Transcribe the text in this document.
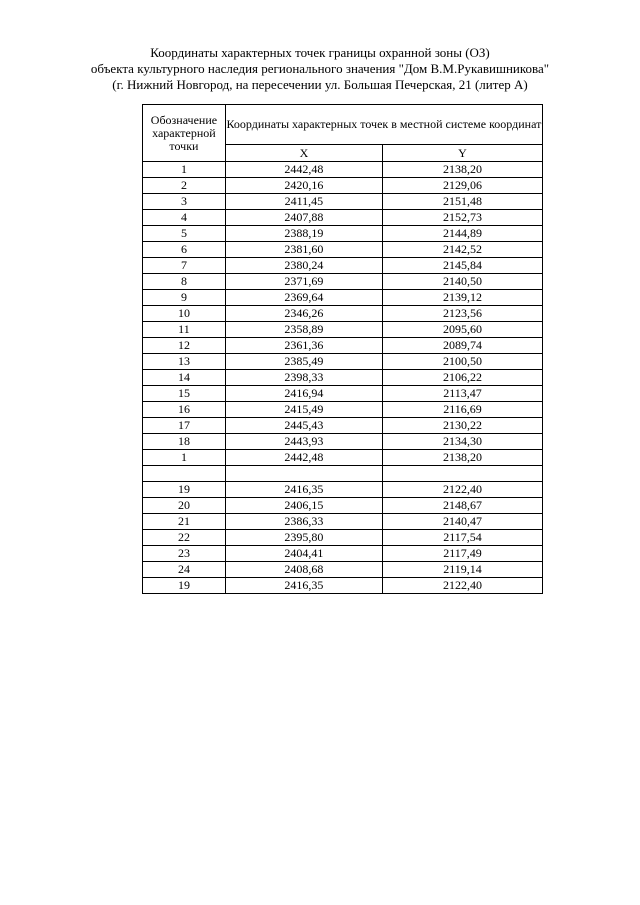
Координаты характерных точек границы охранной зоны (ОЗ)
объекта культурного наследия регионального значения "Дом В.М.Рукавишникова"
(г. Нижний Новгород, на пересечении ул. Большая Печерская, 21 (литер А)
Обозначение характерной точки	Координаты характерных точек в местной системе координат	
	X	Y
1	2442,48	2138,20
2	2420,16	2129,06
3	2411,45	2151,48
4	2407,88	2152,73
5	2388,19	2144,89
6	2381,60	2142,52
7	2380,24	2145,84
8	2371,69	2140,50
9	2369,64	2139,12
10	2346,26	2123,56
11	2358,89	2095,60
12	2361,36	2089,74
13	2385,49	2100,50
14	2398,33	2106,22
15	2416,94	2113,47
16	2415,49	2116,69
17	2445,43	2130,22
18	2443,93	2134,30
1	2442,48	2138,20

19	2416,35	2122,40
20	2406,15	2148,67
21	2386,33	2140,47
22	2395,80	2117,54
23	2404,41	2117,49
24	2408,68	2119,14
19	2416,35	2122,40
